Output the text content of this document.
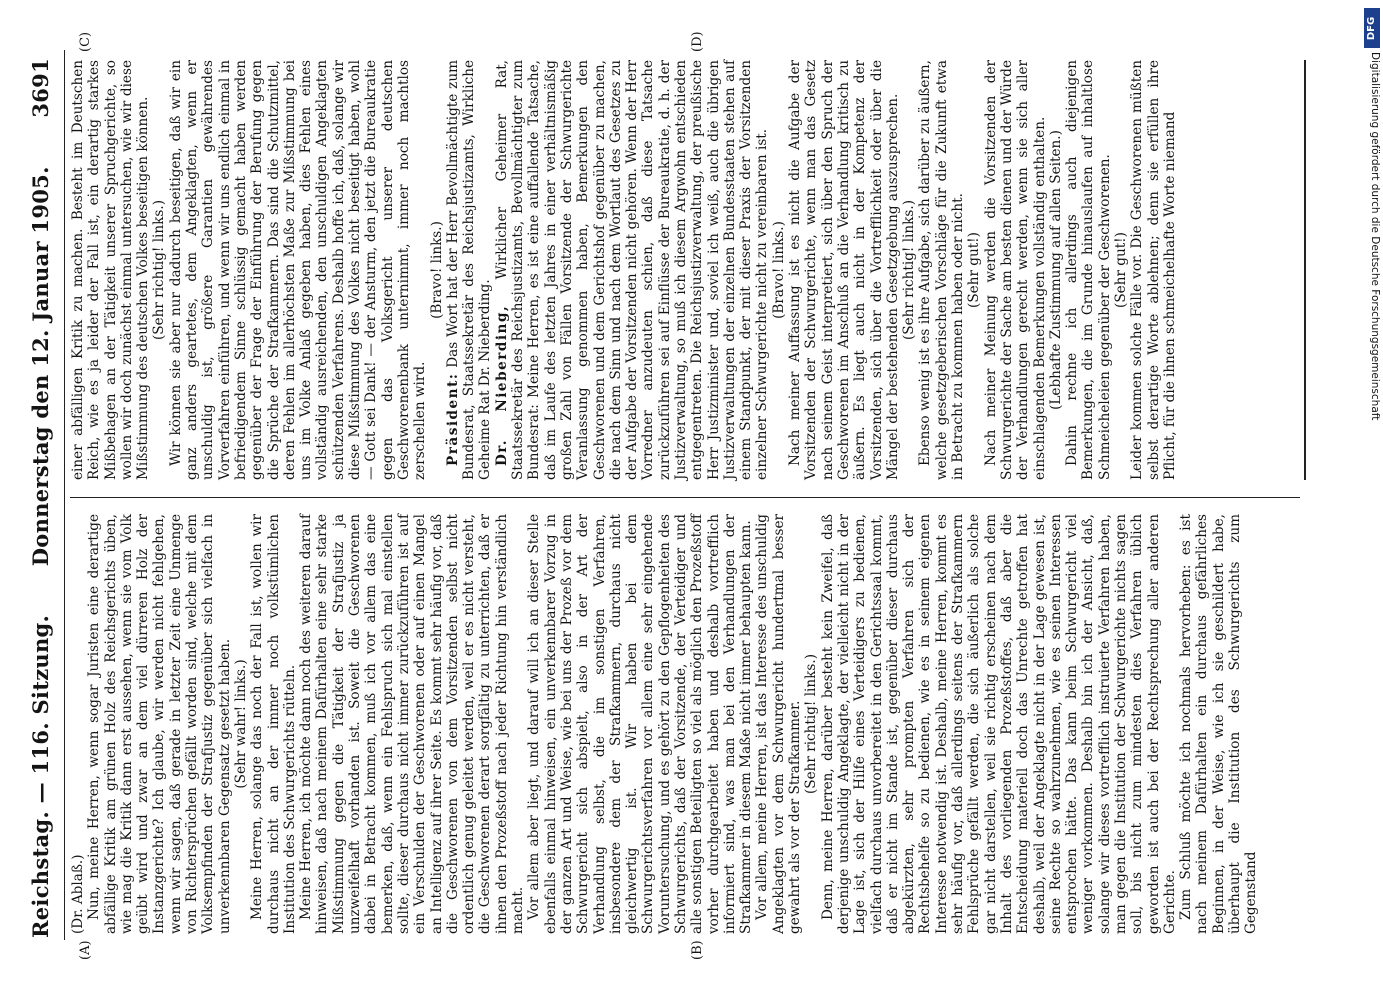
Reichstag. — 116. Sitzung.
Donnerstag den 12. Januar 1905.
3691
(A)	(B)
(C)	(D)

(Dr. Ablaß.) Nun, meine Herren, wenn sogar Juristen eine derartige abfällige Kritik am grünen Holz des Reichsgerichts üben, wie mag die Kritik dann erst aussehen, wenn sie vom Volk geübt wird und zwar an dem viel dürreren Holz der Instanzgerichte? Ich glaube, wir werden nicht fehlgehen, wenn wir sagen, daß gerade in letzter Zeit eine Unmenge von Richtersprüchen gefällt worden sind, welche mit dem Volksempfinden der Strafjustiz gegenüber sich vielfach in unverkennbaren Gegensatz gesetzt haben. (Sehr wahr! links.) Meine Herren, solange das noch der Fall ist, wollen wir durchaus nicht an der immer noch volkstümlichen Institution des Schwurgerichts rütteln. Meine Herren, ich möchte dann noch des weiteren darauf hinweisen, daß nach meinem Dafürhalten eine sehr starke Mißstimmung gegen die Tätigkeit der Strafjustiz ja unzweifelhaft vorhanden ist. Soweit die Geschworenen dabei in Betracht kommen, muß ich vor allem das eine bemerken, daß, wenn ein Fehlspruch sich mal einstellen sollte, dieser durchaus nicht immer zurückzuführen ist auf ein Verschulden der Geschworenen oder auf einen Mangel an Intelligenz auf ihrer Seite. Es kommt sehr häufig vor, daß die Geschworenen von dem Vorsitzenden selbst nicht ordentlich genug geleitet werden, weil er es nicht versteht, die Geschworenen derart sorgfältig zu unterrichten, daß er ihnen den Prozeßstoff nach jeder Richtung hin verständlich macht. Vor allem aber liegt, und darauf will ich an dieser Stelle ebenfalls einmal hinweisen, ein unverkennbarer Vorzug in der ganzen Art und Weise, wie bei uns der Prozeß vor dem Schwurgericht sich abspielt, also in der Art der Verhandlung selbst, die im sonstigen Verfahren, insbesondere dem der Strafkammern, durchaus nicht gleichwertig ist. Wir haben bei dem Schwurgerichtsverfahren vor allem eine sehr eingehende Voruntersuchung, und es gehört zu den Gepflogenheiten des Schwurgerichts, daß der Vorsitzende, der Verteidiger und alle sonstigen Beteiligten so viel als möglich den Prozeßstoff vorher durchgearbeitet haben und deshalb vortrefflich informiert sind, was man bei den Verhandlungen der Strafkammer in diesem Maße nicht immer behaupten kann. Vor allem, meine Herren, ist das Interesse des unschuldig Angeklagten vor dem Schwurgericht hundertmal besser gewahrt als vor der Strafkammer. (Sehr richtig! links.) Denn, meine Herren, darüber besteht kein Zweifel, daß derjenige unschuldig Angeklagte, der vielleicht nicht in der Lage ist, sich der Hilfe eines Verteidigers zu bedienen, vielfach durchaus unvorbereitet in den Gerichtssaal kommt, daß er nicht im Stande ist, gegenüber dieser durchaus abgekürzten, sehr prompten Verfahren sich der Rechtsbehelfe so zu bedienen, wie es in seinem eigenen Interesse notwendig ist. Deshalb, meine Herren, kommt es sehr häufig vor, daß allerdings seitens der Strafkammern Fehlsprüche gefällt werden, die sich äußerlich als solche gar nicht darstellen, weil sie richtig erscheinen nach dem Inhalt des vorliegenden Prozeßstoffes, daß aber die Entscheidung materiell doch das Unrechte getroffen hat deshalb, weil der Angeklagte nicht in der Lage gewesen ist, seine Rechte so wahrzunehmen, wie es seinen Interessen entsprochen hätte. Das kann beim Schwurgericht viel weniger vorkommen. Deshalb bin ich der Ansicht, daß, solange wir dieses vortrefflich instruierte Verfahren haben, man gegen die Institution der Schwurgerichte nichts sagen soll, bis nicht zum mindesten dies Verfahren üblich geworden ist auch bei der Rechtsprechung aller anderen Gerichte. Zum Schluß möchte ich nochmals hervorheben: es ist nach meinem Dafürhalten ein durchaus gefährliches Beginnen, in der Weise, wie ich sie geschildert habe, überhaupt die Institution des Schwurgerichts zum Gegenstand

einer abfälligen Kritik zu machen. Besteht im Deutschen Reich, wie es ja leider der Fall ist, ein derartig starkes Mißbehagen an der Tätigkeit unserer Spruchgerichte, so wollen wir doch zunächst einmal untersuchen, wie wir diese Mißstimmung des deutschen Volkes beseitigen können. (Sehr richtig! links.) Wir können sie aber nur dadurch beseitigen, daß wir ein ganz anders geartetes, dem Angeklagten, wenn er unschuldig ist, größere Garantien gewährendes Vorverfahren einführen, und wenn wir uns endlich einmal in befriedigendem Sinne schlüssig gemacht haben werden gegenüber der Frage der Einführung der Berufung gegen die Sprüche der Strafkammern. Das sind die Schutzmittel, deren Fehlen im allerhöchsten Maße zur Mißstimmung bei uns im Volke Anlaß gegeben haben, dies Fehlen eines vollständig ausreichenden, den unschuldigen Angeklagten schützenden Verfahrens. Deshalb hoffe ich, daß, solange wir diese Mißstimmung des Volkes nicht beseitigt haben, wohl — Gott sei Dank! — der Ansturm, den jetzt die Bureaukratie gegen das Volksgericht unserer deutschen Geschworenenbank unternimmt, immer noch machtlos zerschellen wird.

(Bravo! links.)

Präsident: Das Wort hat der Herr Bevollmächtigte zum Bundesrat, Staatssekretär des Reichsjustizamts, Wirkliche Geheime Rat Dr. Nieberding. Dr. Nieberding, Wirklicher Geheimer Rat, Staatssekretär des Reichsjustizamts, Bevollmächtigter zum Bundesrat: Meine Herren, es ist eine auffallende Tatsache, daß im Laufe des letzten Jahres in einer verhältnismäßig großen Zahl von Fällen Vorsitzende der Schwurgerichte Veranlassung genommen haben, Bemerkungen den Geschworenen und dem Gerichtshof gegenüber zu machen, die nach dem Sinn und nach dem Wortlaut des Gesetzes zu der Aufgabe der Vorsitzenden nicht gehören. Wenn der Herr Vorredner anzudeuten schien, daß diese Tatsache zurückzuführen sei auf Einflüsse der Bureaukratie, d. h. der Justizverwaltung, so muß ich diesem Argwohn entschieden entgegentreten. Die Reichsjustizverwaltung, der preußische Herr Justizminister und, soviel ich weiß, auch die übrigen Justizverwaltungen der einzelnen Bundesstaaten stehen auf einem Standpunkt, der mit dieser Praxis der Vorsitzenden einzelner Schwurgerichte nicht zu vereinbaren ist. (Bravo! links.) Nach meiner Auffassung ist es nicht die Aufgabe der Vorsitzenden der Schwurgerichte, wenn man das Gesetz nach seinem Geist interpretiert, sich über den Spruch der Geschworenen im Anschluß an die Verhandlung kritisch zu äußern. Es liegt auch nicht in der Kompetenz der Vorsitzenden, sich über die Vortrefflichkeit oder über die Mängel der bestehenden Gesetzgebung auszusprechen. (Sehr richtig! links.) Ebenso wenig ist es ihre Aufgabe, sich darüber zu äußern, welche gesetzgeberischen Vorschläge für die Zukunft etwa in Betracht zu kommen haben oder nicht. (Sehr gut!) Nach meiner Meinung werden die Vorsitzenden der Schwurgerichte der Sache am besten dienen und der Würde der Verhandlungen gerecht werden, wenn sie sich aller einschlagenden Bemerkungen vollständig enthalten. (Lebhafte Zustimmung auf allen Seiten.) Dahin rechne ich allerdings auch diejenigen Bemerkungen, die im Grunde hinauslaufen auf inhaltlose Schmeicheleien gegenüber der Geschworenen. (Sehr gut!) Leider kommen solche Fälle vor. Die Geschworenen müßten selbst derartige Worte ablehnen; denn sie erfüllen ihre Pflicht, für die ihnen schmeichelhafte Worte niemand

DFG
Digitalisierung gefördert durch die Deutsche Forschungsgemeinschaft
